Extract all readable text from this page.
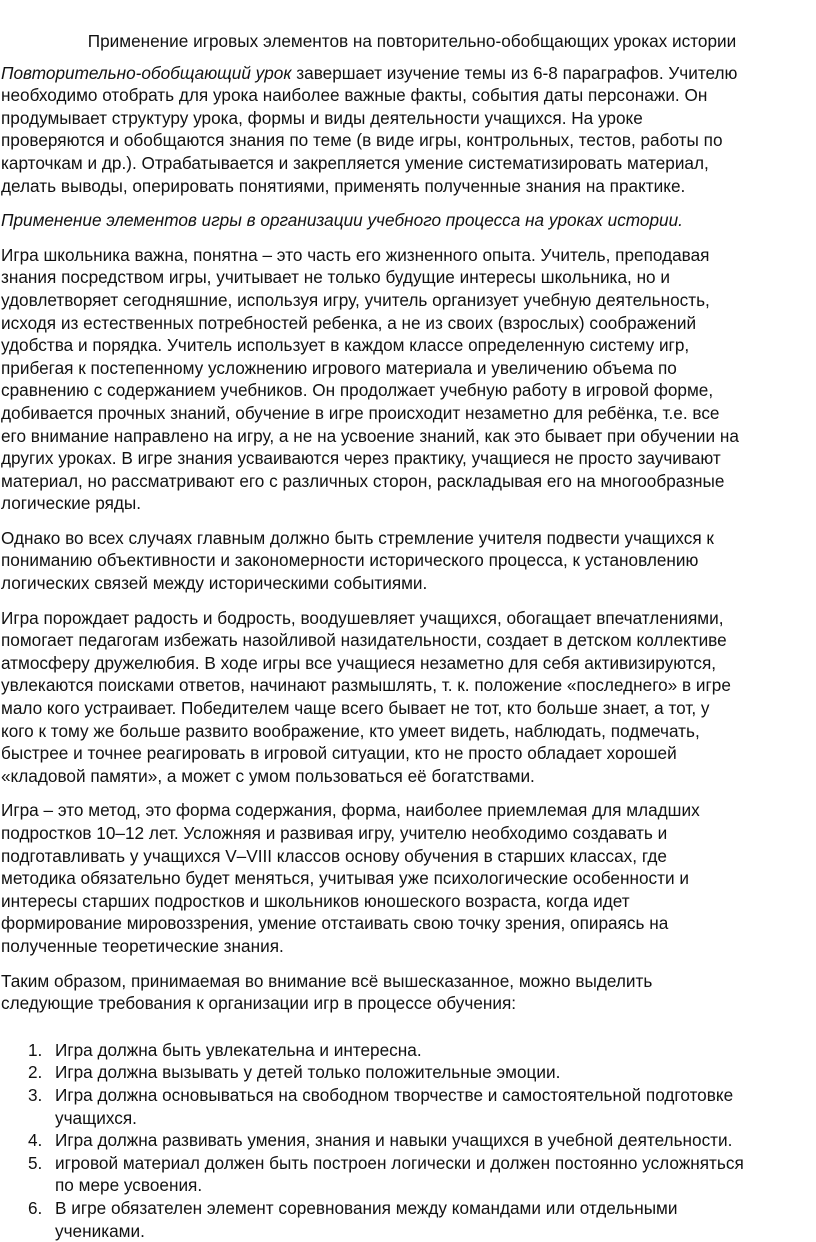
Применение игровых элементов на повторительно-обобщающих уроках истории
Повторительно-обобщающий урок завершает изучение темы из 6-8 параграфов. Учителю
необходимо отобрать для урока наиболее важные факты, события даты персонажи. Он
продумывает структуру урока, формы и виды деятельности учащихся. На уроке
проверяются и обобщаются знания по теме (в виде игры, контрольных, тестов, работы по
карточкам и др.). Отрабатывается и закрепляется умение систематизировать материал,
делать выводы, оперировать понятиями, применять полученные знания на практике.
Применение элементов игры в организации учебного процесса на уроках истории.
Игра школьника важна, понятна – это часть его жизненного опыта. Учитель, преподавая
знания посредством игры, учитывает не только будущие интересы школьника, но и
удовлетворяет сегодняшние, используя игру, учитель организует учебную деятельность,
исходя из естественных потребностей ребенка, а не из своих (взрослых) соображений
удобства и порядка. Учитель использует в каждом классе определенную систему игр,
прибегая к постепенному усложнению игрового материала и увеличению объема по
сравнению с содержанием учебников. Он продолжает учебную работу в игровой форме,
добивается прочных знаний, обучение в игре происходит незаметно для ребёнка, т.е. все
его внимание направлено на игру, а не на усвоение знаний, как это бывает при обучении на
других уроках. В игре знания усваиваются через практику, учащиеся не просто заучивают
материал, но рассматривают его с различных сторон, раскладывая его на многообразные
логические ряды.
Однако во всех случаях главным должно быть стремление учителя подвести учащихся к
пониманию объективности и закономерности исторического процесса, к установлению
логических связей между историческими событиями.
Игра порождает радость и бодрость, воодушевляет учащихся, обогащает впечатлениями,
помогает педагогам избежать назойливой назидательности, создает в детском коллективе
атмосферу дружелюбия. В ходе игры все учащиеся незаметно для себя активизируются,
увлекаются поисками ответов, начинают размышлять, т. к. положение «последнего» в игре
мало кого устраивает. Победителем чаще всего бывает не тот, кто больше знает, а тот, у
кого к тому же больше развито воображение, кто умеет видеть, наблюдать, подмечать,
быстрее и точнее реагировать в игровой ситуации, кто не просто обладает хорошей
«кладовой памяти», а может с умом пользоваться её богатствами.
Игра – это метод, это форма содержания, форма, наиболее приемлемая для младших
подростков 10–12 лет. Усложняя и развивая игру, учителю необходимо создавать и
подготавливать у учащихся V–VIII классов основу обучения в старших классах, где
методика обязательно будет меняться, учитывая уже психологические особенности и
интересы старших подростков и школьников юношеского возраста, когда идет
формирование мировоззрения, умение отстаивать свою точку зрения, опираясь на
полученные теоретические знания.
Таким образом, принимаемая во внимание всё вышесказанное, можно выделить
следующие требования к организации игр в процессе обучения:
1. Игра должна быть увлекательна и интересна.
2. Игра должна вызывать у детей только положительные эмоции.
3. Игра должна основываться на свободном творчестве и самостоятельной подготовке
учащихся.
4. Игра должна развивать умения, знания и навыки учащихся в учебной деятельности.
5. игровой материал должен быть построен логически и должен постоянно усложняться
по мере усвоения.
6. В игре обязателен элемент соревнования между командами или отдельными
учениками.
